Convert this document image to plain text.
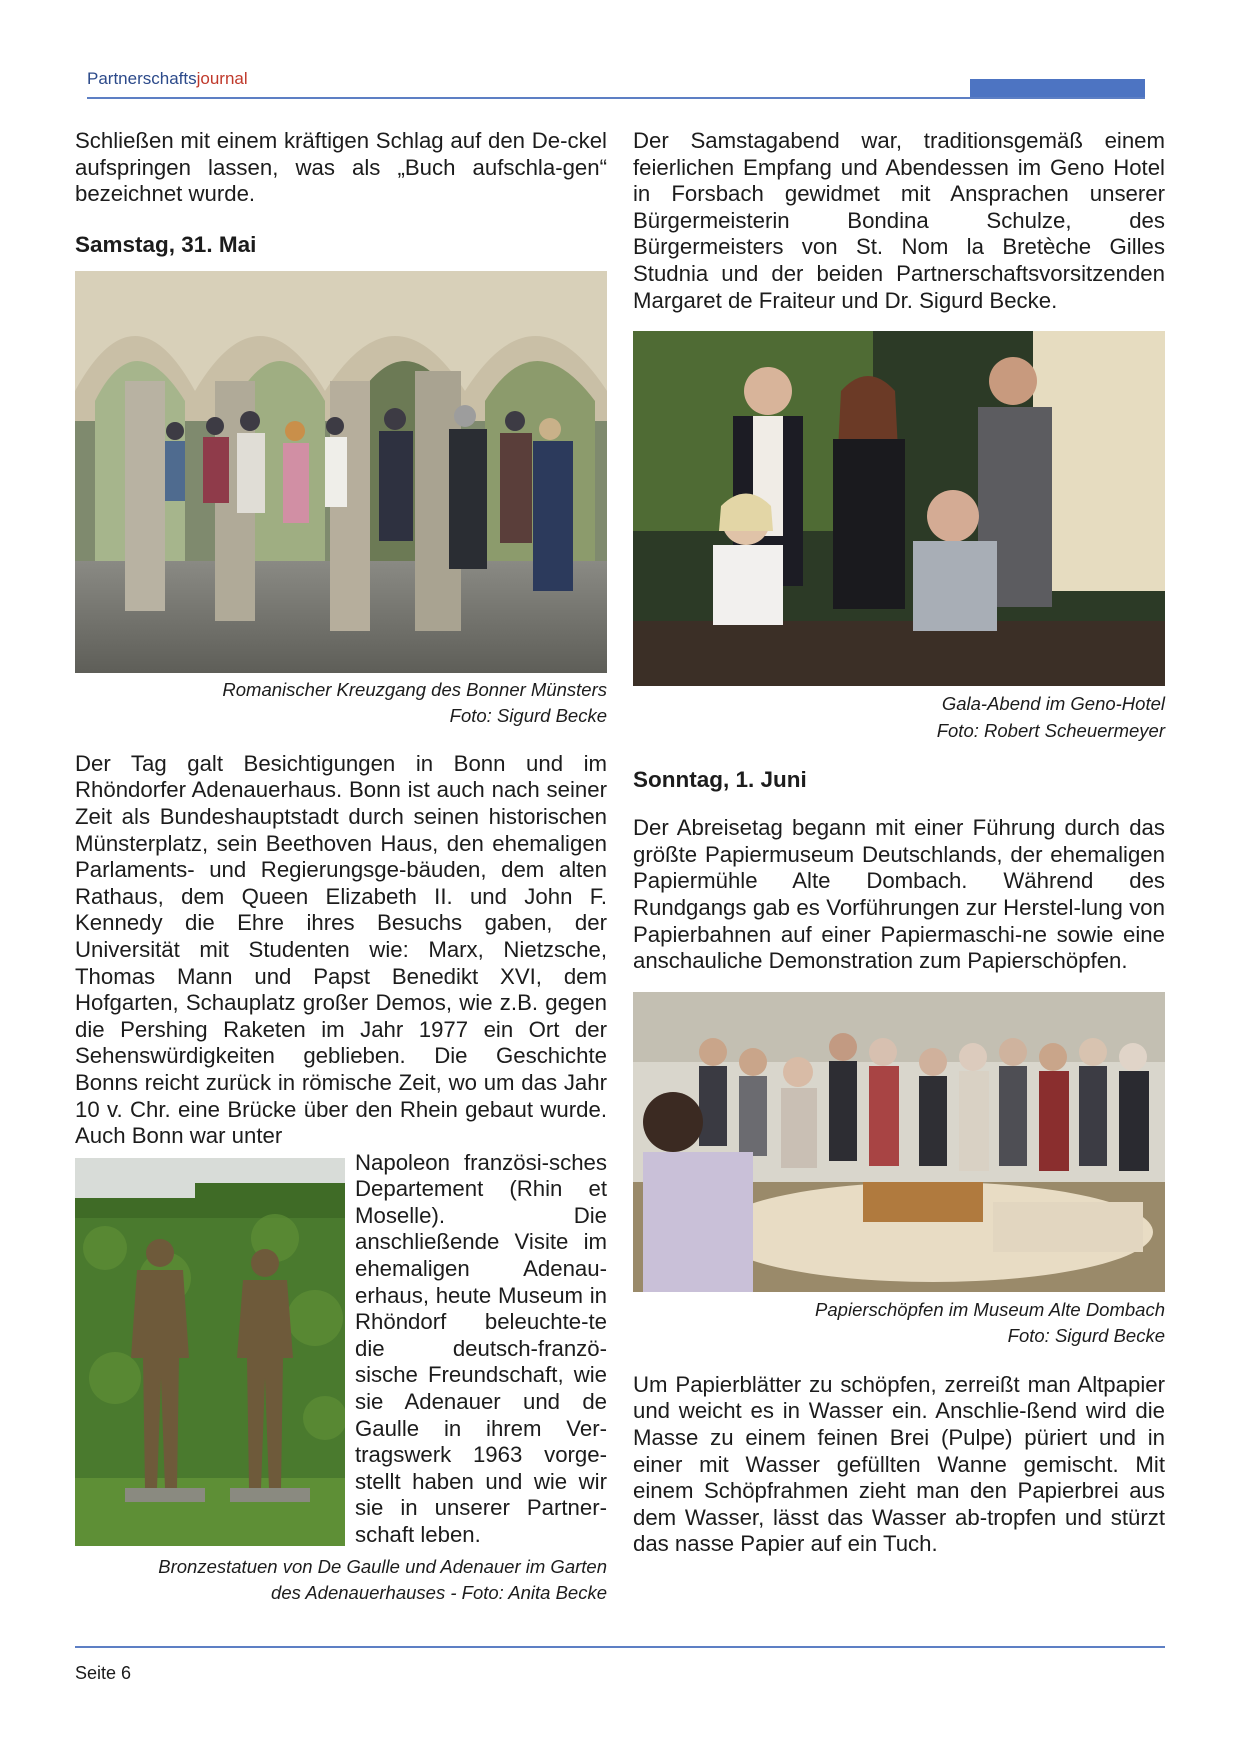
Partnerschaftsjournal

Schließen mit einem kräftigen Schlag auf den De-ckel aufspringen lassen, was als „Buch aufschla-gen“ bezeichnet wurde.

Samstag, 31. Mai

Romanischer Kreuzgang des Bonner Münsters

Foto: Sigurd Becke

Der Tag galt Besichtigungen in Bonn und im Rhöndorfer Adenauerhaus. Bonn ist auch nach seiner Zeit als Bundeshauptstadt durch seinen historischen Münsterplatz, sein Beethoven Haus, den ehemaligen Parlaments- und Regierungsge-bäuden, dem alten Rathaus, dem Queen Elizabeth II. und John F. Kennedy die Ehre ihres Besuchs gaben, der Universität mit Studenten wie: Marx, Nietzsche, Thomas Mann und Papst Benedikt XVI, dem Hofgarten, Schauplatz großer Demos, wie z.B. gegen die Pershing Raketen im Jahr 1977 ein Ort der Sehenswürdigkeiten geblieben. Die Geschichte Bonns reicht zurück in römische Zeit, wo um das Jahr 10 v. Chr. eine Brücke über den Rhein gebaut wurde. Auch Bonn war unter

Napoleon französi-sches Departement (Rhin et Moselle). Die anschließende Visite im ehemaligen Adenau-erhaus, heute Museum in Rhöndorf beleuchte-te die deutsch-franzö-sische Freundschaft, wie sie Adenauer und de Gaulle in ihrem Ver-tragswerk 1963 vorge-stellt haben und wie wir sie in unserer Partner-schaft leben.

Bronzestatuen von De Gaulle und Adenauer im Garten

des Adenauerhauses - Foto: Anita Becke

Der Samstagabend war, traditionsgemäß einem feierlichen Empfang und Abendessen im Geno Hotel in Forsbach gewidmet mit Ansprachen unserer Bürgermeisterin Bondina Schulze, des Bürgermeisters von St. Nom la Bretèche Gilles Studnia und der beiden Partnerschaftsvorsitzenden Margaret de Fraiteur und Dr. Sigurd Becke.

Gala-Abend im Geno-Hotel

Foto: Robert Scheuermeyer

Sonntag, 1. Juni

Der Abreisetag begann mit einer Führung durch das größte Papiermuseum Deutschlands, der ehemaligen Papiermühle Alte Dombach. Während des Rundgangs gab es Vorführungen zur Herstel-lung von Papierbahnen auf einer Papiermaschi-ne sowie eine anschauliche Demonstration zum Papierschöpfen.

Papierschöpfen im Museum Alte Dombach

Foto: Sigurd Becke

Um Papierblätter zu schöpfen, zerreißt man Altpapier und weicht es in Wasser ein. Anschlie-ßend wird die Masse zu einem feinen Brei (Pulpe) püriert und in einer mit Wasser gefüllten Wanne gemischt. Mit einem Schöpfrahmen zieht man den Papierbrei aus dem Wasser, lässt das Wasser ab-tropfen und stürzt das nasse Papier auf ein Tuch.

Seite 6
